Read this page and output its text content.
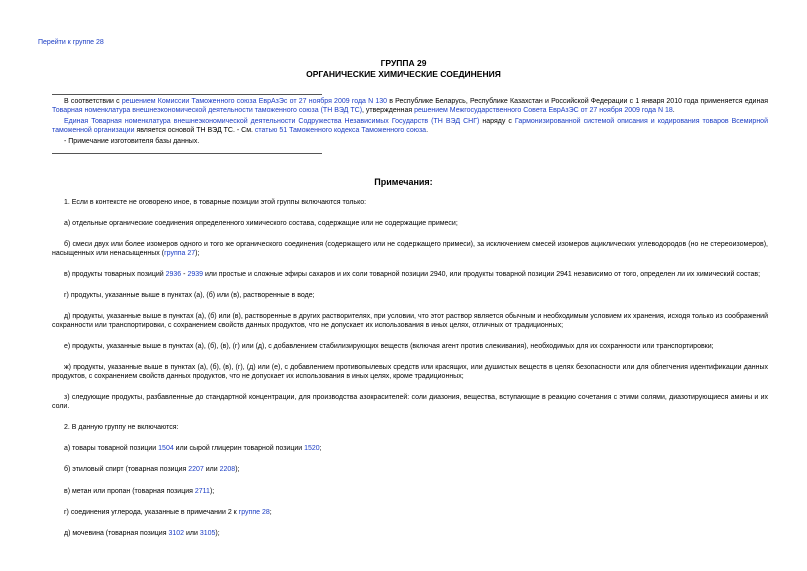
Перейти к группе 28
ГРУППА 29
ОРГАНИЧЕСКИЕ ХИМИЧЕСКИЕ СОЕДИНЕНИЯ
В соответствии с решением Комиссии Таможенного союза ЕврАзЭс от 27 ноября 2009 года N 130 в Республике Беларусь, Республике Казахстан и Российской Федерации с 1 января 2010 года применяется единая Товарная номенклатура внешнеэкономической деятельности таможенного союза (ТН ВЭД ТС), утвержденная решением Межгосударственного Совета ЕврАзЭС от 27 ноября 2009 года N 18.
Единая Товарная номенклатура внешнеэкономической деятельности Содружества Независимых Государств (ТН ВЭД СНГ) наряду с Гармонизированной системой описания и кодирования товаров Всемирной таможенной организации является основой ТН ВЭД ТС. - См. статью 51 Таможенного кодекса Таможенного союза.
- Примечание изготовителя базы данных.
Примечания:
1. Если в контексте не оговорено иное, в товарные позиции этой группы включаются только:
а) отдельные органические соединения определенного химического состава, содержащие или не содержащие примеси;
б) смеси двух или более изомеров одного и того же органического соединения (содержащего или не содержащего примеси), за исключением смесей изомеров ациклических углеводородов (но не стереоизомеров), насыщенных или ненасыщенных (группа 27);
в) продукты товарных позиций 2936 - 2939 или простые и сложные эфиры сахаров и их соли товарной позиции 2940, или продукты товарной позиции 2941 независимо от того, определен ли их химический состав;
г) продукты, указанные выше в пунктах (а), (б) или (в), растворенные в воде;
д) продукты, указанные выше в пунктах (а), (б) или (в), растворенные в других растворителях, при условии, что этот раствор является обычным и необходимым условием их хранения, исходя только из соображений сохранности или транспортировки, с сохранением свойств данных продуктов, что не допускает их использования в иных целях, отличных от традиционных;
е) продукты, указанные выше в пунктах (а), (б), (в), (г) или (д), с добавлением стабилизирующих веществ (включая агент против слеживания), необходимых для их сохранности или транспортировки;
ж) продукты, указанные выше в пунктах (а), (б), (в), (г), (д) или (е), с добавлением противопылевых средств или красящих, или душистых веществ в целях безопасности или для облегчения идентификации данных продуктов, с сохранением свойств данных продуктов, что не допускает их использования в иных целях, кроме традиционных;
з) следующие продукты, разбавленные до стандартной концентрации, для производства азокрасителей: соли диазония, вещества, вступающие в реакцию сочетания с этими солями, диазотирующиеся амины и их соли.
2. В данную группу не включаются:
а) товары товарной позиции 1504 или сырой глицерин товарной позиции 1520;
б) этиловый спирт (товарная позиция 2207 или 2208);
в) метан или пропан (товарная позиция 2711);
г) соединения углерода, указанные в примечании 2 к группе 28;
д) мочевина (товарная позиция 3102 или 3105);
